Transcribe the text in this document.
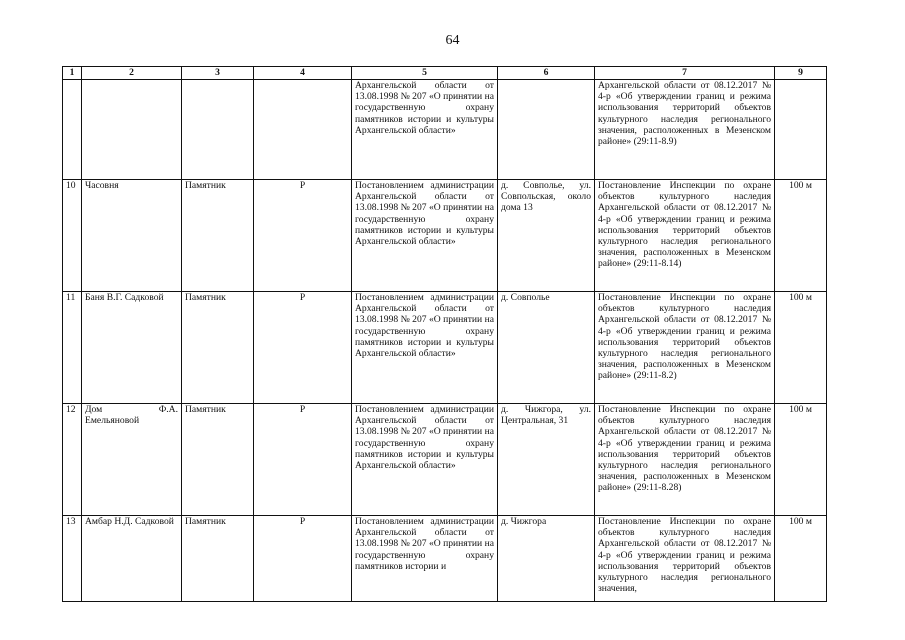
64
1	2	3	4	5	6	7	9
				Архангельской области от 13.08.1998 № 207 «О принятии на государственную охрану памятников истории и культуры Архангельской области»		Архангельской области от 08.12.2017 № 4-р «Об утверждении границ и режима использования территорий объектов культурного наследия регионального значения, расположенных в Мезенском районе» (29:11-8.9)	
10	Часовня	Памятник	Р	Постановлением администрации Архангельской области от 13.08.1998 № 207 «О принятии на государственную охрану памятников истории и культуры Архангельской области»	д. Совполье, ул. Совпольская, около дома 13	Постановление Инспекции по охране объектов культурного наследия Архангельской области от 08.12.2017 № 4-р «Об утверждении границ и режима использования территорий объектов культурного наследия регионального значения, расположенных в Мезенском районе» (29:11-8.14)	100 м
11	Баня В.Г. Садковой	Памятник	Р	Постановлением администрации Архангельской области от 13.08.1998 № 207 «О принятии на государственную охрану памятников истории и культуры Архангельской области»	д. Совполье	Постановление Инспекции по охране объектов культурного наследия Архангельской области от 08.12.2017 № 4-р «Об утверждении границ и режима использования территорий объектов культурного наследия регионального значения, расположенных в Мезенском районе» (29:11-8.2)	100 м
12	Дом Ф.А. Емельяновой	Памятник	Р	Постановлением администрации Архангельской области от 13.08.1998 № 207 «О принятии на государственную охрану памятников истории и культуры Архангельской области»	д. Чижгора, ул. Центральная, 31	Постановление Инспекции по охране объектов культурного наследия Архангельской области от 08.12.2017 № 4-р «Об утверждении границ и режима использования территорий объектов культурного наследия регионального значения, расположенных в Мезенском районе» (29:11-8.28)	100 м
13	Амбар Н.Д. Садковой	Памятник	Р	Постановлением администрации Архангельской области от 13.08.1998 № 207 «О принятии на государственную охрану памятников истории и	д. Чижгора	Постановление Инспекции по охране объектов культурного наследия Архангельской области от 08.12.2017 № 4-р «Об утверждении границ и режима использования территорий объектов культурного наследия регионального значения,	100 м
